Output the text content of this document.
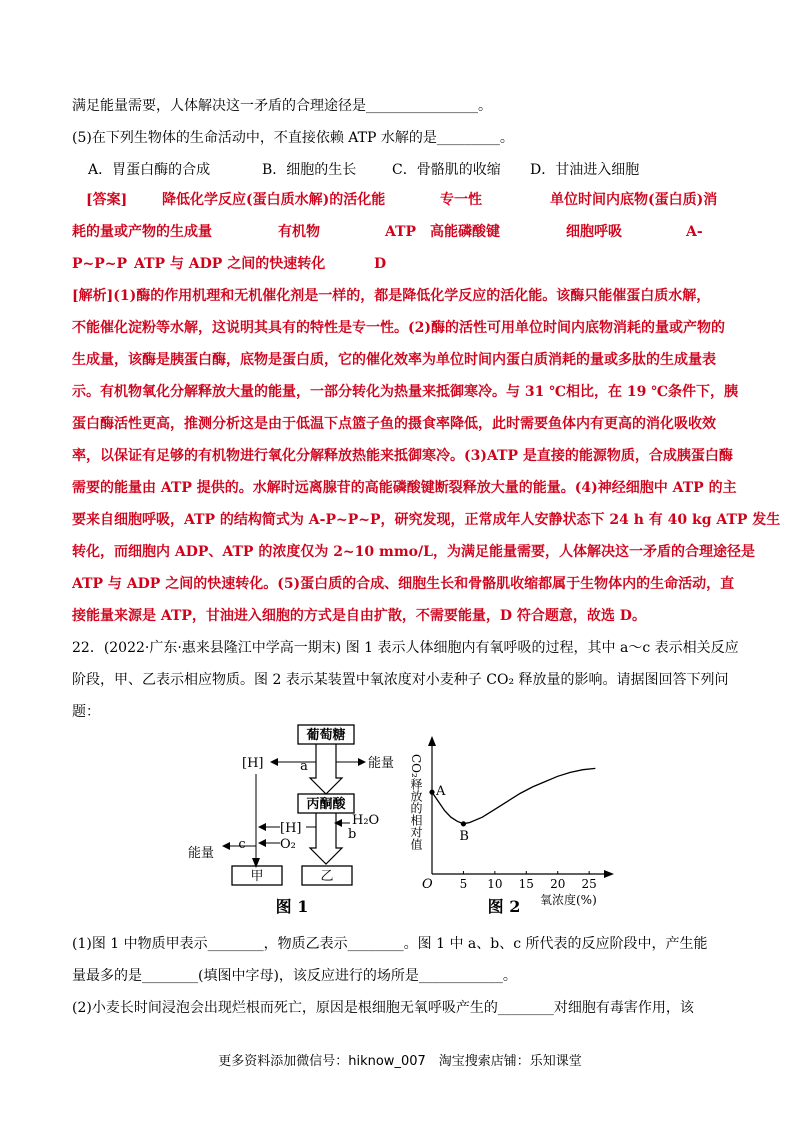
满足能量需要，人体解决这一矛盾的合理途径是________________。
(5)在下列生物体的生命活动中，不直接依赖 ATP 水解的是_________。
A．胃蛋白酶的合成	B．细胞的生长	C．骨骼肌的收缩 D．甘油进入细胞
[答案] 降低化学反应(蛋白质水解)的活化能	专一性	单位时间内底物(蛋白质)消
耗的量或产物的生成量	有机物	ATP 高能磷酸键	细胞呼吸	A-
P~P~P ATP 与 ADP 之间的快速转化	D
[解析](1)酶的作用机理和无机催化剂是一样的，都是降低化学反应的活化能。该酶只能催蛋白质水解，
不能催化淀粉等水解，这说明其具有的特性是专一性。(2)酶的活性可用单位时间内底物消耗的量或产物的
生成量，该酶是胰蛋白酶，底物是蛋白质，它的催化效率为单位时间内蛋白质消耗的量或多肽的生成量表
示。有机物氧化分解释放大量的能量，一部分转化为热量来抵御寒冷。与 31 ℃相比，在 19 ℃条件下，胰
蛋白酶活性更高，推测分析这是由于低温下点篮子鱼的摄食率降低，此时需要鱼体内有更高的消化吸收效
率，以保证有足够的有机物进行氧化分解释放热能来抵御寒冷。(3)ATP 是直接的能源物质，合成胰蛋白酶
需要的能量由 ATP 提供的。水解时远离腺苷的高能磷酸键断裂释放大量的能量。(4)神经细胞中 ATP 的主
要来自细胞呼吸，ATP 的结构简式为 A-P~P~P，研究发现，正常成年人安静状态下 24 h 有 40 kg ATP 发生
转化，而细胞内 ADP、ATP 的浓度仅为 2~10 mmo/L，为满足能量需要，人体解决这一矛盾的合理途径是
ATP 与 ADP 之间的快速转化。(5)蛋白质的合成、细胞生长和骨骼肌收缩都属于生物体内的生命活动，直
接能量来源是 ATP，甘油进入细胞的方式是自由扩散，不需要能量，D 符合题意，故选 D。
22．(2022·广东·惠来县隆江中学高一期末) 图 1 表示人体细胞内有氧呼吸的过程，其中 a～c 表示相关反应
阶段，甲、乙表示相应物质。图 2 表示某装置中氧浓度对小麦种子 CO₂ 释放量的影响。请据图回答下列问
题：
葡萄糖
a	能量
[H]
丙酮酸
b
H₂O
[H]
O₂
c
能量
甲	乙
图 1
CO₂释放的相对值
O 5 10 15 20 25
A
B
氧浓度(%)
图 2
(1)图 1 中物质甲表示________，物质乙表示________。图 1 中 a、b、c 所代表的反应阶段中，产生能
量最多的是________(填图中字母)，该反应进行的场所是____________。
(2)小麦长时间浸泡会出现烂根而死亡，原因是根细胞无氧呼吸产生的________对细胞有毒害作用，该
更多资料添加微信号：hiknow_007　淘宝搜索店铺：乐知课堂
